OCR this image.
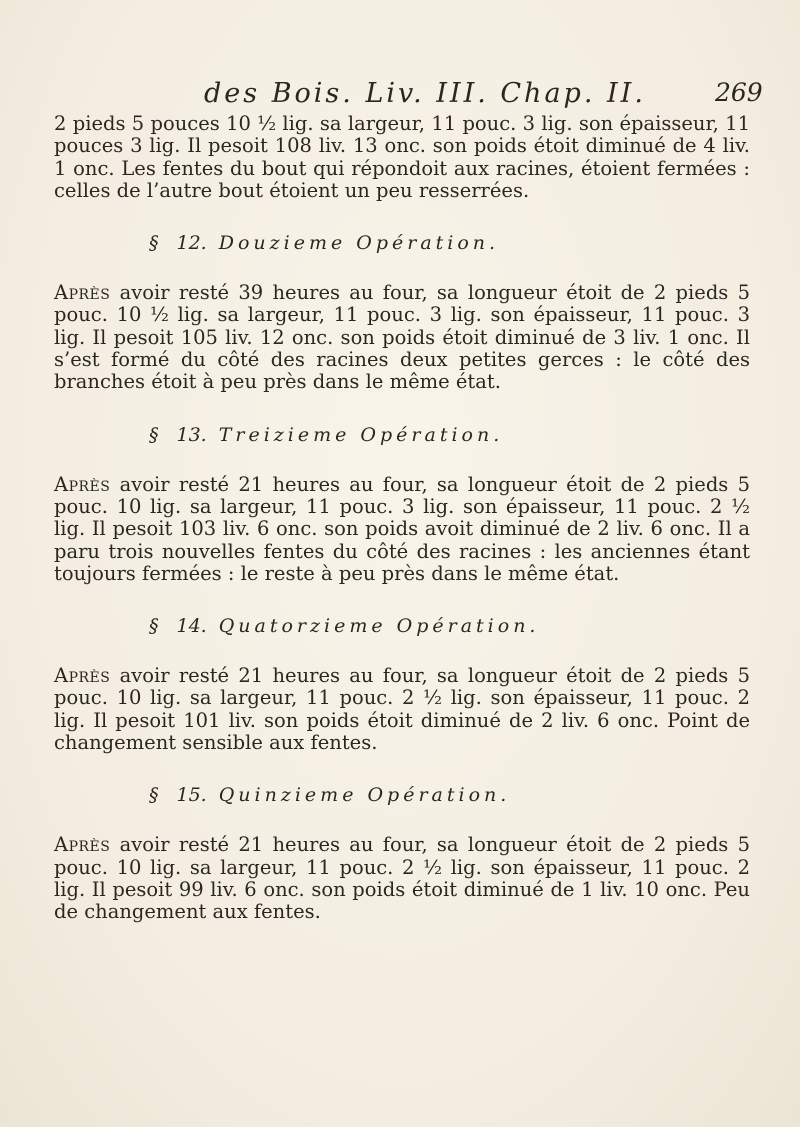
des Bois. Liv. III. Chap. II.	269

2 pieds 5 pouces 10 ½ lig. sa largeur, 11 pouc. 3 lig. son épaisseur, 11 pouces 3 lig. Il pesoit 108 liv. 13 onc. son poids étoit diminué de 4 liv. 1 onc. Les fentes du bout qui répondoit aux racines, étoient fermées : celles de l’autre bout étoient un peu resserrées.

§ 12. Douzieme Opération.

Après avoir resté 39 heures au four, sa longueur étoit de 2 pieds 5 pouc. 10 ½ lig. sa largeur, 11 pouc. 3 lig. son épaisseur, 11 pouc. 3 lig. Il pesoit 105 liv. 12 onc. son poids étoit diminué de 3 liv. 1 onc. Il s’est formé du côté des racines deux petites gerces : le côté des branches étoit à peu près dans le même état.

§ 13. Treizieme Opération.

Après avoir resté 21 heures au four, sa longueur étoit de 2 pieds 5 pouc. 10 lig. sa largeur, 11 pouc. 3 lig. son épaisseur, 11 pouc. 2 ½ lig. Il pesoit 103 liv. 6 onc. son poids avoit diminué de 2 liv. 6 onc. Il a paru trois nouvelles fentes du côté des racines : les anciennes étant toujours fermées : le reste à peu près dans le même état.

§ 14. Quatorzieme Opération.

Après avoir resté 21 heures au four, sa longueur étoit de 2 pieds 5 pouc. 10 lig. sa largeur, 11 pouc. 2 ½ lig. son épaisseur, 11 pouc. 2 lig. Il pesoit 101 liv. son poids étoit diminué de 2 liv. 6 onc. Point de changement sensible aux fentes.

§ 15. Quinzieme Opération.

Après avoir resté 21 heures au four, sa longueur étoit de 2 pieds 5 pouc. 10 lig. sa largeur, 11 pouc. 2 ½ lig. son épaisseur, 11 pouc. 2 lig. Il pesoit 99 liv. 6 onc. son poids étoit diminué de 1 liv. 10 onc. Peu de changement aux fentes.
